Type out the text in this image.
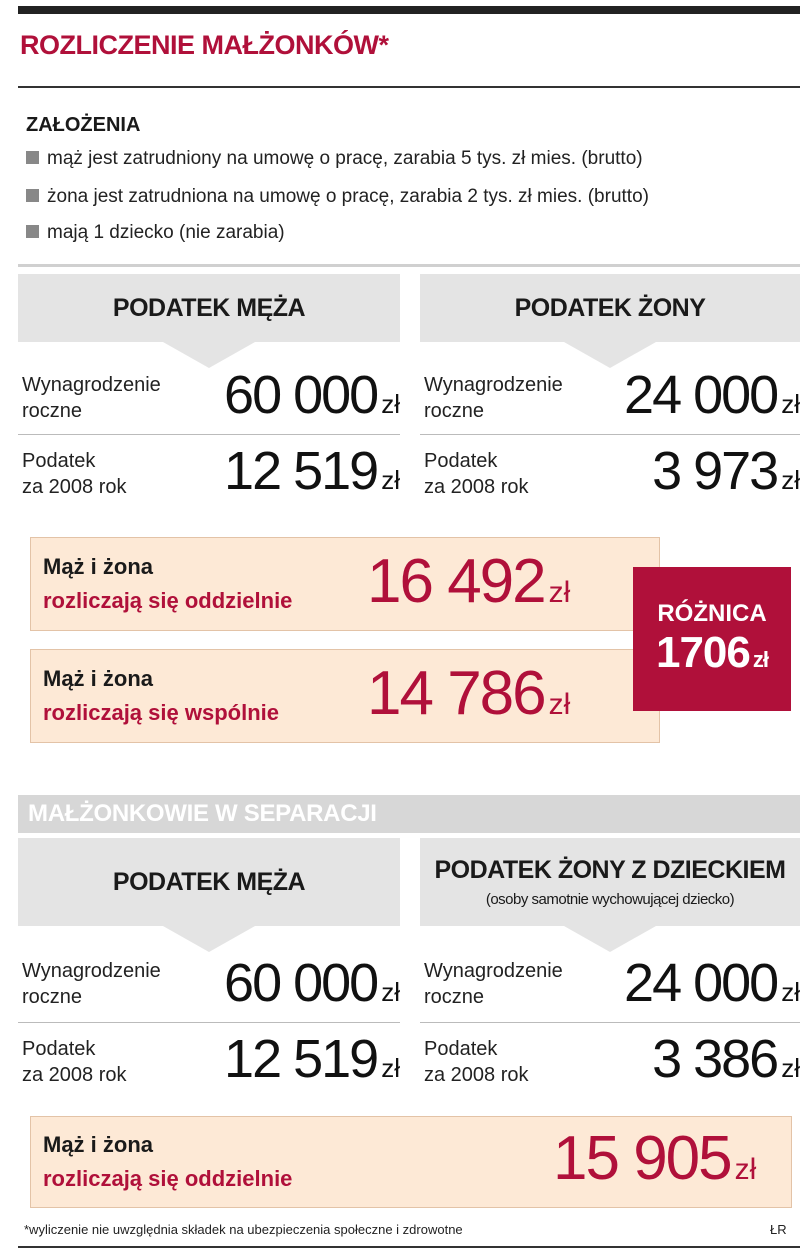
ROZLICZENIE MAŁŻONKÓW*
ZAŁOŻENIA
mąż jest zatrudniony na umowę o pracę, zarabia 5 tys. zł mies. (brutto)
żona jest zatrudniona na umowę o pracę, zarabia 2 tys. zł mies. (brutto)
mają 1 dziecko (nie zarabia)
PODATEK MĘŻA	PODATEK ŻONY
Wynagrodzenie
roczne	60 000 zł
Podatek
za 2008 rok	12 519 zł
Wynagrodzenie
roczne	24 000 zł
Podatek
za 2008 rok	3 973 zł
Mąż i żona
rozliczają się oddzielnie 16 492 zł
Mąż i żona
rozliczają się wspólnie 14 786 zł
RÓŻNICA
1706 zł
MAŁŻONKOWIE W SEPARACJI
PODATEK MĘŻA	PODATEK ŻONY Z DZIECKIEM
(osoby samotnie wychowującej dziecko)
Wynagrodzenie
roczne	60 000 zł
Podatek
za 2008 rok	12 519 zł
Wynagrodzenie
roczne	24 000 zł
Podatek
za 2008 rok	3 386 zł
Mąż i żona
rozliczają się oddzielnie	15 905 zł
*wyliczenie nie uwzględnia składek na ubezpieczenia społeczne i zdrowotne	ŁR
